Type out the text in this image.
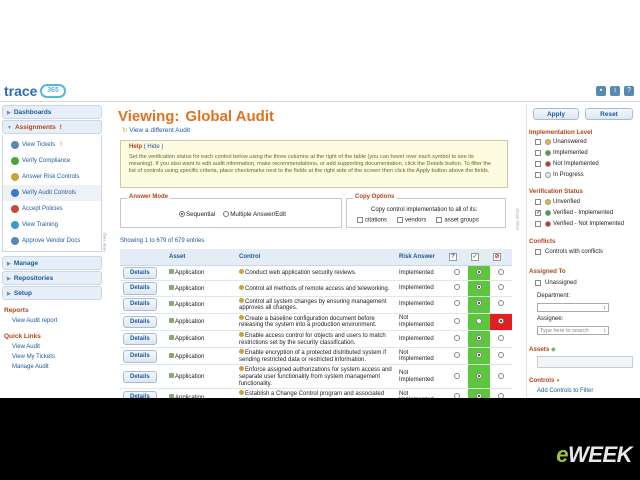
trace	365	▪	i	?
▶ Dashboards
▼ Assignments !
View Tickets !
Verify Compliance
Answer Risk Controls
Verify Audit Controls
Accept Policies
View Training
Approve Vendor Docs
▶ Manage
▶ Repositories
▶ Setup
Reports
View Audit report
Quick Links
View Audit
View My Tickets
Manage Audit
Viewing: Global Audit
↻ View a different Audit
Help ( Hide )
Set the verification status for each control below using the three columns at the right of the table (you can hover over each symbol to see its meaning). If you also want to edit audit information, make recommendations, or add supporting documentation, click the Details button. To filter the list of controls using specific criteria, place checkmarks next to the fields at the right side of the screen then click the Apply button above the fields.
Answer Mode
Sequential	Multiple Answer/Edit
Copy Options
Copy control implementation to all of its:
citations	vendors	asset groups
Hide Help
Show Filter
Showing 1 to 679 of 679 entries
	Asset	Control	Risk Answer	?	✓	⊘
Details	Application	Conduct web application security reviews.	Implemented			
Details	Application	Control all methods of remote access and teleworking.	Implemented			
Details	Application	Control all system changes by ensuring management approves all changes.	Implemented			
Details	Application	Create a baseline configuration document before releasing the system into a production environment.	Not Implemented			
Details	Application	Enable access control for objects and users to match restrictions set by the security classification.	Implemented			
Details	Application	Enable encryption of a protected distributed system if sending restricted data or restricted information.	Not Implemented			
Details	Application	Enforce assigned authorizations for system access and separate user functionality from system management functionality.	Not Implemented			
		Establish a Change Control program and associated	Not			
Apply	Reset
Implementation Level
Unanswered
Implemented
Not Implemented
In Progress
Verification Status
Unverified
✓ Verified - Implemented
Verified - Not Implemented
Conflicts
Controls with conflicts
Assigned To
Unassigned
Department:
↕
Assignee:
Type here to search	↕
Assets ◆
Controls ●
Add Controls to Filter
eWEEK
